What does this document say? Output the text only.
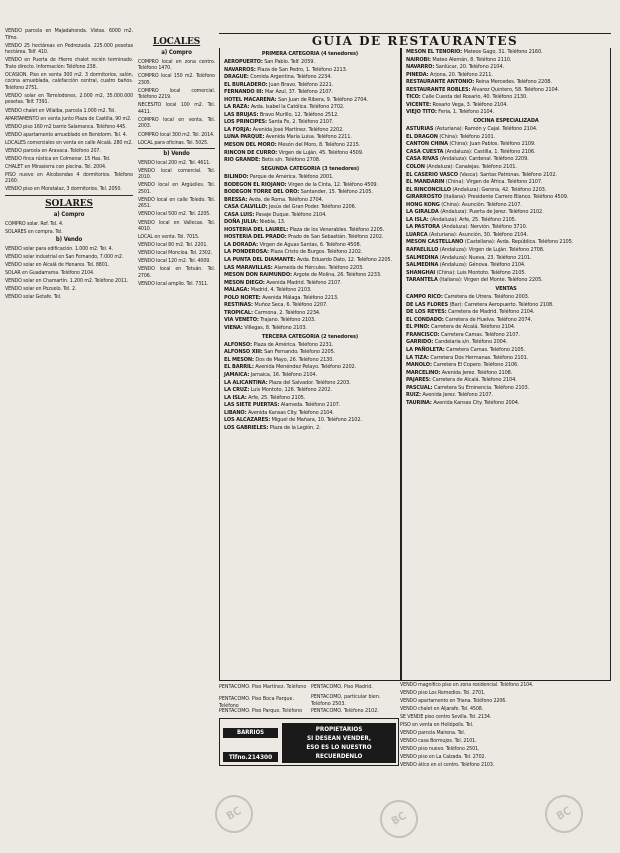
VENDO parcela en Majadahonda. Vistas. 6000 m2. Tlfno.
VENDO 25 hectáreas en Pedrezuela. 225.000 pesetas hectárea. Telf. 410.
VENDO en Puerta de Hierro chalet recién terminado. Trato directo. Información: Teléfono 238.
OCASION. Piso en venta 300 m2. 3 dormitorios, salón, cocina amueblada, calefacción central, cuatro baños. Teléfono 2751.
VENDO solar en Torrelodones, 2.000 m2, 35.000.000 pesetas. Telf. 7391.
VENDO chalet en Villalba, parcela 1.000 m2. Tel.
APARTAMENTO en venta junto Plaza de Castilla, 90 m2.
VENDO piso 160 m2 barrio Salamanca. Teléfono 445.
VENDO apartamento amueblado en Benidorm. Tel. 4.
LOCALES comerciales en venta en calle Alcalá. 280 m2.
VENDO parcela en Aravaca. Teléfono 207.
VENDO finca rústica en Colmenar. 15 Has. Tel.
CHALET en Mirasierra con piscina. Tel. 2004.
PISO nuevo en Alcobendas 4 dormitorios. Teléfono 2160.
VENDO piso en Moratalaz, 3 dormitorios. Tel. 2050.
SOLARES
a) Compro
COMPRO solar. Ref. Tel. 4.
SOLARES en compra. Tel.
b) Vendo
VENDO solar para edificación. 1.000 m2. Tel. 4.
VENDO solar industrial en San Fernando, 7.000 m2.
VENDO solar en Alcalá de Henares. Tel. 8801.
SOLAR en Guadarrama. Teléfono 2104.
VENDO solar en Chamartín. 1.200 m2. Teléfono 2011.
VENDO solar en Pozuelo. Tel. 2.
VENDO solar Getafe. Tel.
LOCALES
a) Compro
COMPRO local en zona centro. Teléfono 1470.
COMPRO local 150 m2. Teléfono 2305.
COMPRO local comercial. Teléfono 2219.
NECESITO local 100 m2. Tel. 4411.
COMPRO local en venta. Tel. 2003.
COMPRO local 300 m2. Tel. 2014.
LOCAL para oficinas. Tel. 5025.
b) Vendo
VENDO local 200 m2. Tel. 4611.
VENDO local comercial. Tel. 2010.
VENDO local en Argüelles. Tel. 2501.
VENDO local en calle Toledo. Tel. 2651.
VENDO local 500 m2. Tel. 2205.
VENDO local en Vallecas. Tel. 4010.
LOCAL en venta. Tel. 7015.
VENDO local 80 m2. Tel. 2201.
VENDO local Moncloa. Tel. 2302.
VENDO local 120 m2. Tel. 4009.
VENDO local en Tetuán. Tel. 2706.
VENDO local amplio. Tel. 7311.
GUIA DE RESTAURANTES
PRIMERA CATEGORIA (4 tenedores)
AEROPUERTO: San Pablo. Telf. 2059.
NAVARROS: Plaza de San Pedro, 1. Teléfono 2213.
DRAGUE: Comida Argentina. Teléfono 2234.
EL BURLADERO: Juan Bravo. Teléfono 2221.
FERNANDO III: Mar Azul, 37. Teléfono 2107.
HOTEL MACARENA: San Juan de Ribera, 9. Teléfono 2704.
LA RAZA: Avda. Isabel la Católica. Teléfono 2702.
LAS BRUJAS: Bravo Murillo, 12. Teléfono 2512.
LOS PRINCIPES: Santa Fe, 2. Teléfono 2107.
LA FORJA: Avenida José Martínez. Teléfono 2202.
LUNA PARQUE: Avenida María Luisa. Teléfono 2211.
MESON DEL MORO: Mesón del Moro, 8. Teléfono 2215.
RINCON DE CURRO: Virgen de Luján, 45. Teléfono 4509.
RIO GRANDE: Betis s/n. Teléfono 2708.
SEGUNDA CATEGORIA (3 tenedores)
BILINDO: Parque de América. Teléfono 2001.
BODEGON EL RIOJANO: Virgen de la Cinta, 12. Teléfono 4509.
BODEGON TORRE DEL ORO: Santander, 15. Teléfono 2105.
BRESSA: Avda. de Roma. Teléfono 2704.
CASA CALVILLO: Jesús del Gran Poder. Teléfono 2206.
CASA LUIS: Pasaje Duque. Teléfono 2104.
DOÑA JULIA: Niebla, 13.
HOSTERIA DEL LAUREL: Plaza de los Venerables. Teléfono 2205.
HOSTERIA DEL PRADO: Prado de San Sebastián. Teléfono 2202.
LA DORADA: Virgen de Aguas Santas, 6. Teléfono 4508.
LA PONDEROSA: Plaza Cristo de Burgos. Teléfono 2202.
LA PUNTA DEL DIAMANTE: Avda. Eduardo Dato, 12. Teléfono 2205.
LAS MARAVILLAS: Alameda de Hércules. Teléfono 2203.
MESON DON RAIMUNDO: Argote de Molina, 26. Teléfono 2233.
MESON DIEGO: Avenida Madrid. Teléfono 2107.
MALAGA: Madrid, 4. Teléfono 2103.
POLO NORTE: Avenida Málaga. Teléfono 2213.
RESTINAS: Muñoz Seca, 6. Teléfono 2207.
TROPICAL: Carmona, 2. Teléfono 2234.
VIA VENETO: Trajano. Teléfono 2103.
VIENA: Villegas, 8. Teléfono 2103.
TERCERA CATEGORIA (2 tenedores)
ALFONSO: Plaza de América. Teléfono 2231.
ALFONSO XIII: San Fernando. Teléfono 2205.
EL MESON: Dos de Mayo, 26. Teléfono 2130.
EL BARRIL: Avenida Menéndez Pelayo. Teléfono 2202.
JAMAICA: Jamaica, 16. Teléfono 2104.
LA ALICANTINA: Plaza del Salvador. Teléfono 2203.
LA CRUZ: Luis Montoto, 126. Teléfono 2202.
LA ISLA: Arfe, 25. Teléfono 2105.
LAS SIETE PUERTAS: Alameda. Teléfono 2107.
LIBANO: Avenida Kansas City. Teléfono 2104.
LOS ALCAZARES: Miguel de Mañara, 10. Teléfono 2102.
LOS GABRIELES: Plaza de la Legión, 2.
MESON EL TENORIO: Mateos Gago, 31. Teléfono 2160.
NAIROBI: Mateo Alemán, 8. Teléfono 2110.
NAVARRO: Sanlúcar, 20. Teléfono 2104.
PINEDA: Arjona, 20. Teléfono 2211.
RESTAURANTE ANTONIO: Reina Mercedes. Teléfono 2208.
RESTAURANTE ROBLES: Álvarez Quintero, 58. Teléfono 2104.
TICO: Calle Cuesta del Rosario, 40. Teléfono 2130.
VICENTE: Rosario Vega, 3. Teléfono 2104.
VIEJO TITO: Feria, 1. Teléfono 2104.
COCINA ESPECIALIZADA
ASTURIAS (Asturiana): Ramón y Cajal. Teléfono 2104.
EL DRAGON (China): Teléfono 2101.
CANTON CHINA (China): Juan Pablos. Teléfono 2109.
CASA CUESTA (Andaluza): Castilla, 1. Teléfono 2106.
CASA RIVAS (Andaluza): Cardenal. Teléfono 2209.
COLON (Andaluza): Canalejas. Teléfono 2101.
EL CASERIO VASCO (Vasca): Santas Patronas. Teléfono 2102.
EL MANDARIN (China): Virgen de África. Teléfono 2107.
EL RINCONCILLO (Andaluza): Gerona, 42. Teléfono 2203.
GIRARROSTO (Italiana): Presidente Carrero Blanco. Teléfono 4509.
HONG KONG (China): Asunción. Teléfono 2107.
LA GIRALDA (Andaluza): Puerta de Jerez. Teléfono 2102.
LA ISLA: (Andaluza): Arfe, 25. Teléfono 2105.
LA PASTORA (Andaluza): Nervión. Teléfono 3710.
LUARCA (Asturiana): Asunción, 30. Teléfono 2104.
MESON CASTELLANO (Castellana): Avda. República. Teléfono 2105.
RAFAELILLO (Andaluza): Virgen de Luján. Teléfono 2708.
SALMEDINA (Andaluza): Nueva, 23. Teléfono 2101.
SALMEDINA (Andaluza): Génova. Teléfono 2104.
SHANGHAI (China): Luis Montoto. Teléfono 2105.
TARANTELA (Italiana): Virgen del Monte. Teléfono 2205.
VENTAS
CAMPO RICO: Carretera de Utrera. Teléfono 2003.
DE LAS FLORES (Bar): Carretera Aeropuerto. Teléfono 2108.
DE LOS REYES: Carretera de Madrid. Teléfono 2104.
EL CONDADO: Carretera de Huelva. Teléfono 2074.
EL PINO: Carretera de Alcalá. Teléfono 2104.
FRANCISCO: Carretera Camas. Teléfono 2107.
GARRIDO: Candelaria s/n. Teléfono 2004.
LA PAÑOLETA: Carretera Camas. Teléfono 2105.
LA TIZA: Carretera Dos Hermanas. Teléfono 2101.
MANOLO: Carretera El Copero. Teléfono 2106.
MARCELINO: Avenida Jerez. Teléfono 2108.
PAJARES: Carretera de Alcalá. Teléfono 2104.
PASCUAL: Carretera Su Eminencia. Teléfono 2103.
RUIZ: Avenida Jerez. Teléfono 2107.
TAURINA: Avenida Kansas City. Teléfono 2004.
PENTACOMO. Piso Martínez. Teléfono
PENTACOMO. Piso Boca Parque. Teléfono
PENTACOMO. Piso Parque. Teléfono
PENTACOMO. Piso Madrid.
PENTACOMO, particular bien. Teléfono 2503.
PENTACOMO. Teléfono 2102.
BARRIOS
Tlfno.214300
PROPIETARIOS
SI DESEAN VENDER,
ESO ES LO NUESTRO
RECUERDENLO
VENDO magnífico piso en zona residencial. Teléfono 2104.
VENDO piso Los Remedios. Tel. 2701.
VENDO apartamento en Triana. Teléfono 2206.
VENDO chalet en Aljarafe. Tel. 4508.
SE VENDE piso centro Sevilla. Tel. 2134.
PISO en venta en Heliópolis. Tel.
VENDO parcela Mairena. Tel.
VENDO casa Bormujos. Tel. 2101.
VENDO piso nuevo. Teléfono 2501.
VENDO piso en La Calzada. Tel. 2702.
VENDO ático en el centro. Teléfono 2103.
BC	BC	BC
